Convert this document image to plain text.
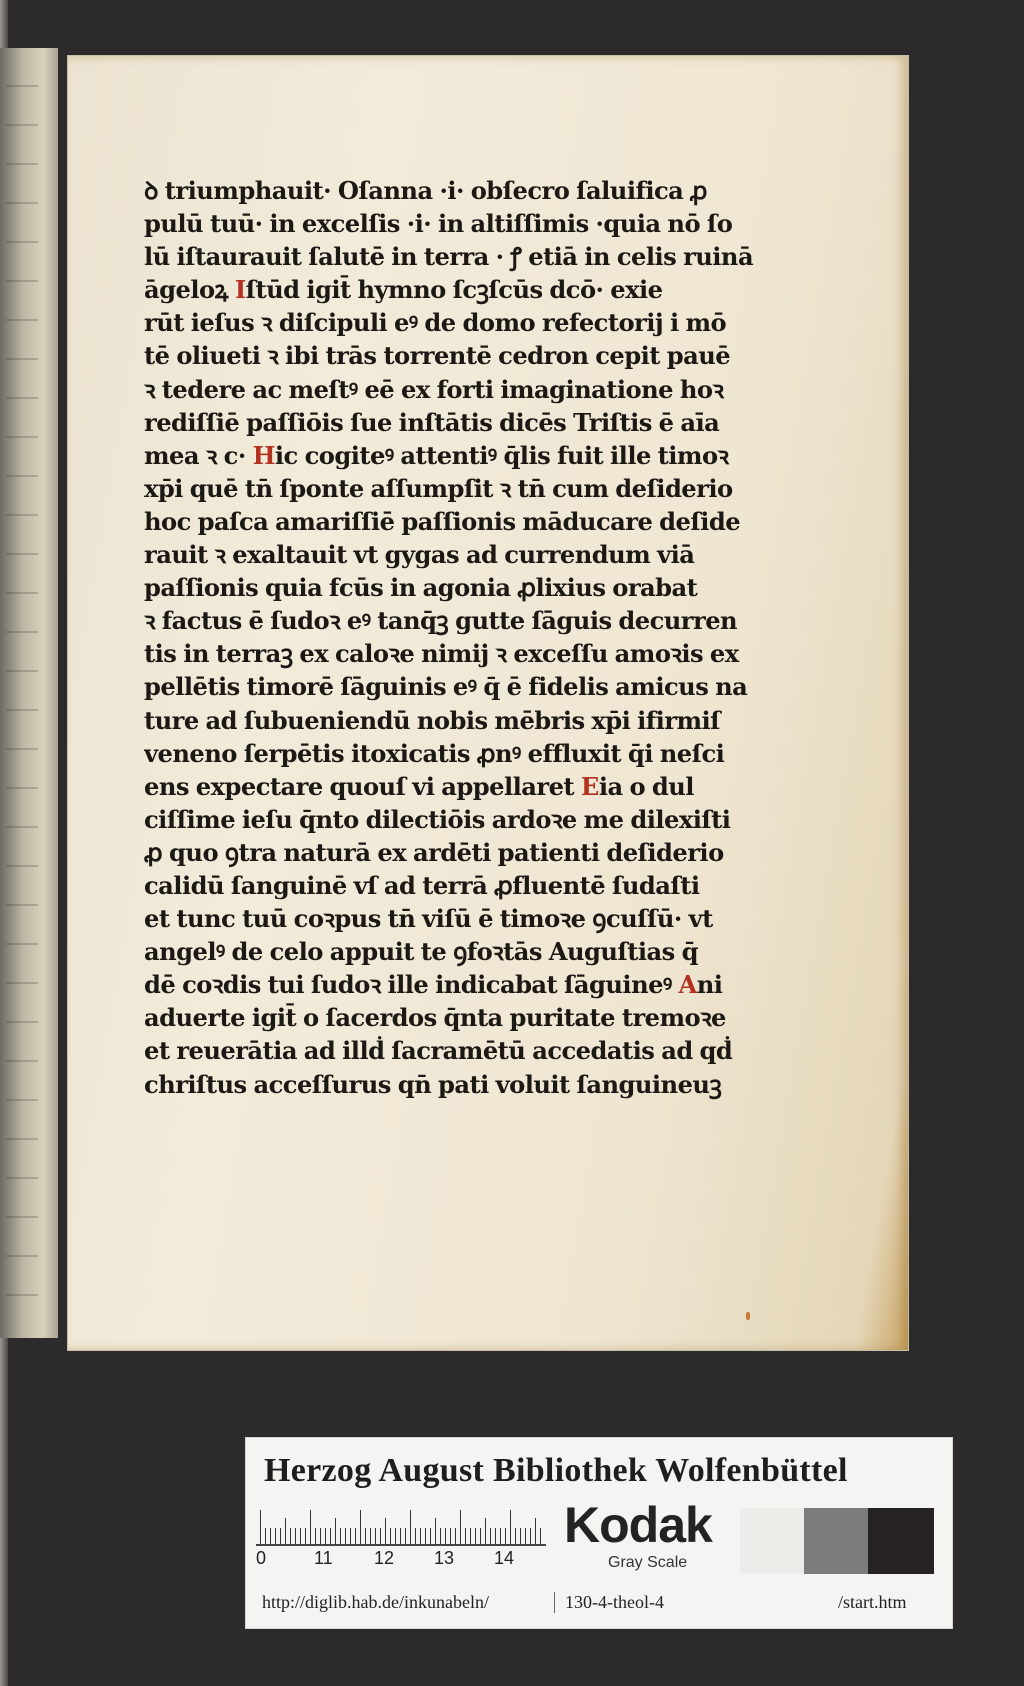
ꝺ triumphauit· Oſanna ·i· obſecro ſaluifica ꝓ
pulū tuū· in excelſis ·i· in altiſſimis ·quia nō ſo
lū iſtaurauit ſalutē in terra · ꝭ etiā in celis ruinā
āgeloꝝ Iſtūd igit̄ hymno ſcꝫſcūs dcō· exie
rūt ieſus ꝛ diſcipuli eꝰ de domo refectorij i mō
tē oliueti ꝛ ibi trās torrentē cedron cepit pauē
ꝛ tedere ac meſtꝰ eē ex forti imaginatione hoꝛ
rediſſiē paſſiōis ſue inſtātis dicēs Triſtis ē aīa
mea ꝛ c· Hic cogiteꝰ attentiꝰ q̄lis fuit ille timoꝛ
xp̄i quē tn̄ ſponte aſſumpſit ꝛ tn̄ cum deſiderio
hoc paſca amariſſiē paſſionis māducare deſide
rauit ꝛ exaltauit vt gygas ad currendum viā
paſſionis quia fcūs in agonia ꝓlixius orabat
ꝛ factus ē ſudoꝛ eꝰ tanq̄ꝫ gutte ſāguis decurren
tis in terraꝫ ex caloꝛe nimij ꝛ exceſſu amoꝛis ex
pellētis timorē ſāguinis eꝰ q̄ ē fidelis amicus na
ture ad ſubueniendū nobis mēbris xp̄i ifirmiſ
veneno ſerpētis itoxicatis ꝓnꝰ effluxit q̄i neſci
ens expectare quouſ vi appellaret Eia o dul
ciſſime ieſu q̄nto dilectiōis ardoꝛe me dilexiſti
ꝓ quo ꝯtra naturā ex ardēti patienti deſiderio
calidū ſanguinē vſ ad terrā ꝓfluentē ſudaſti
et tunc tuū coꝛpus tn̄ viſū ē timoꝛe ꝯcuſſū· vt
angelꝰ de celo appuit te ꝯfoꝛtās Auguſtias q̄
dē coꝛdis tui ſudoꝛ ille indicabat ſāguineꝰ Ani
aduerte igit̄ o ſacerdos q̄nta puritate tremoꝛe
et reuerātia ad illḋ ſacramētū accedatis ad qḋ
chriſtus acceſſurus qn̄ pati voluit ſanguineuꝫ
Herzog August Bibliothek Wolfenbüttel
0	11 12 13 14
Kodak
Gray Scale
http://diglib.hab.de/inkunabeln/	130-4-theol-4	/start.htm
